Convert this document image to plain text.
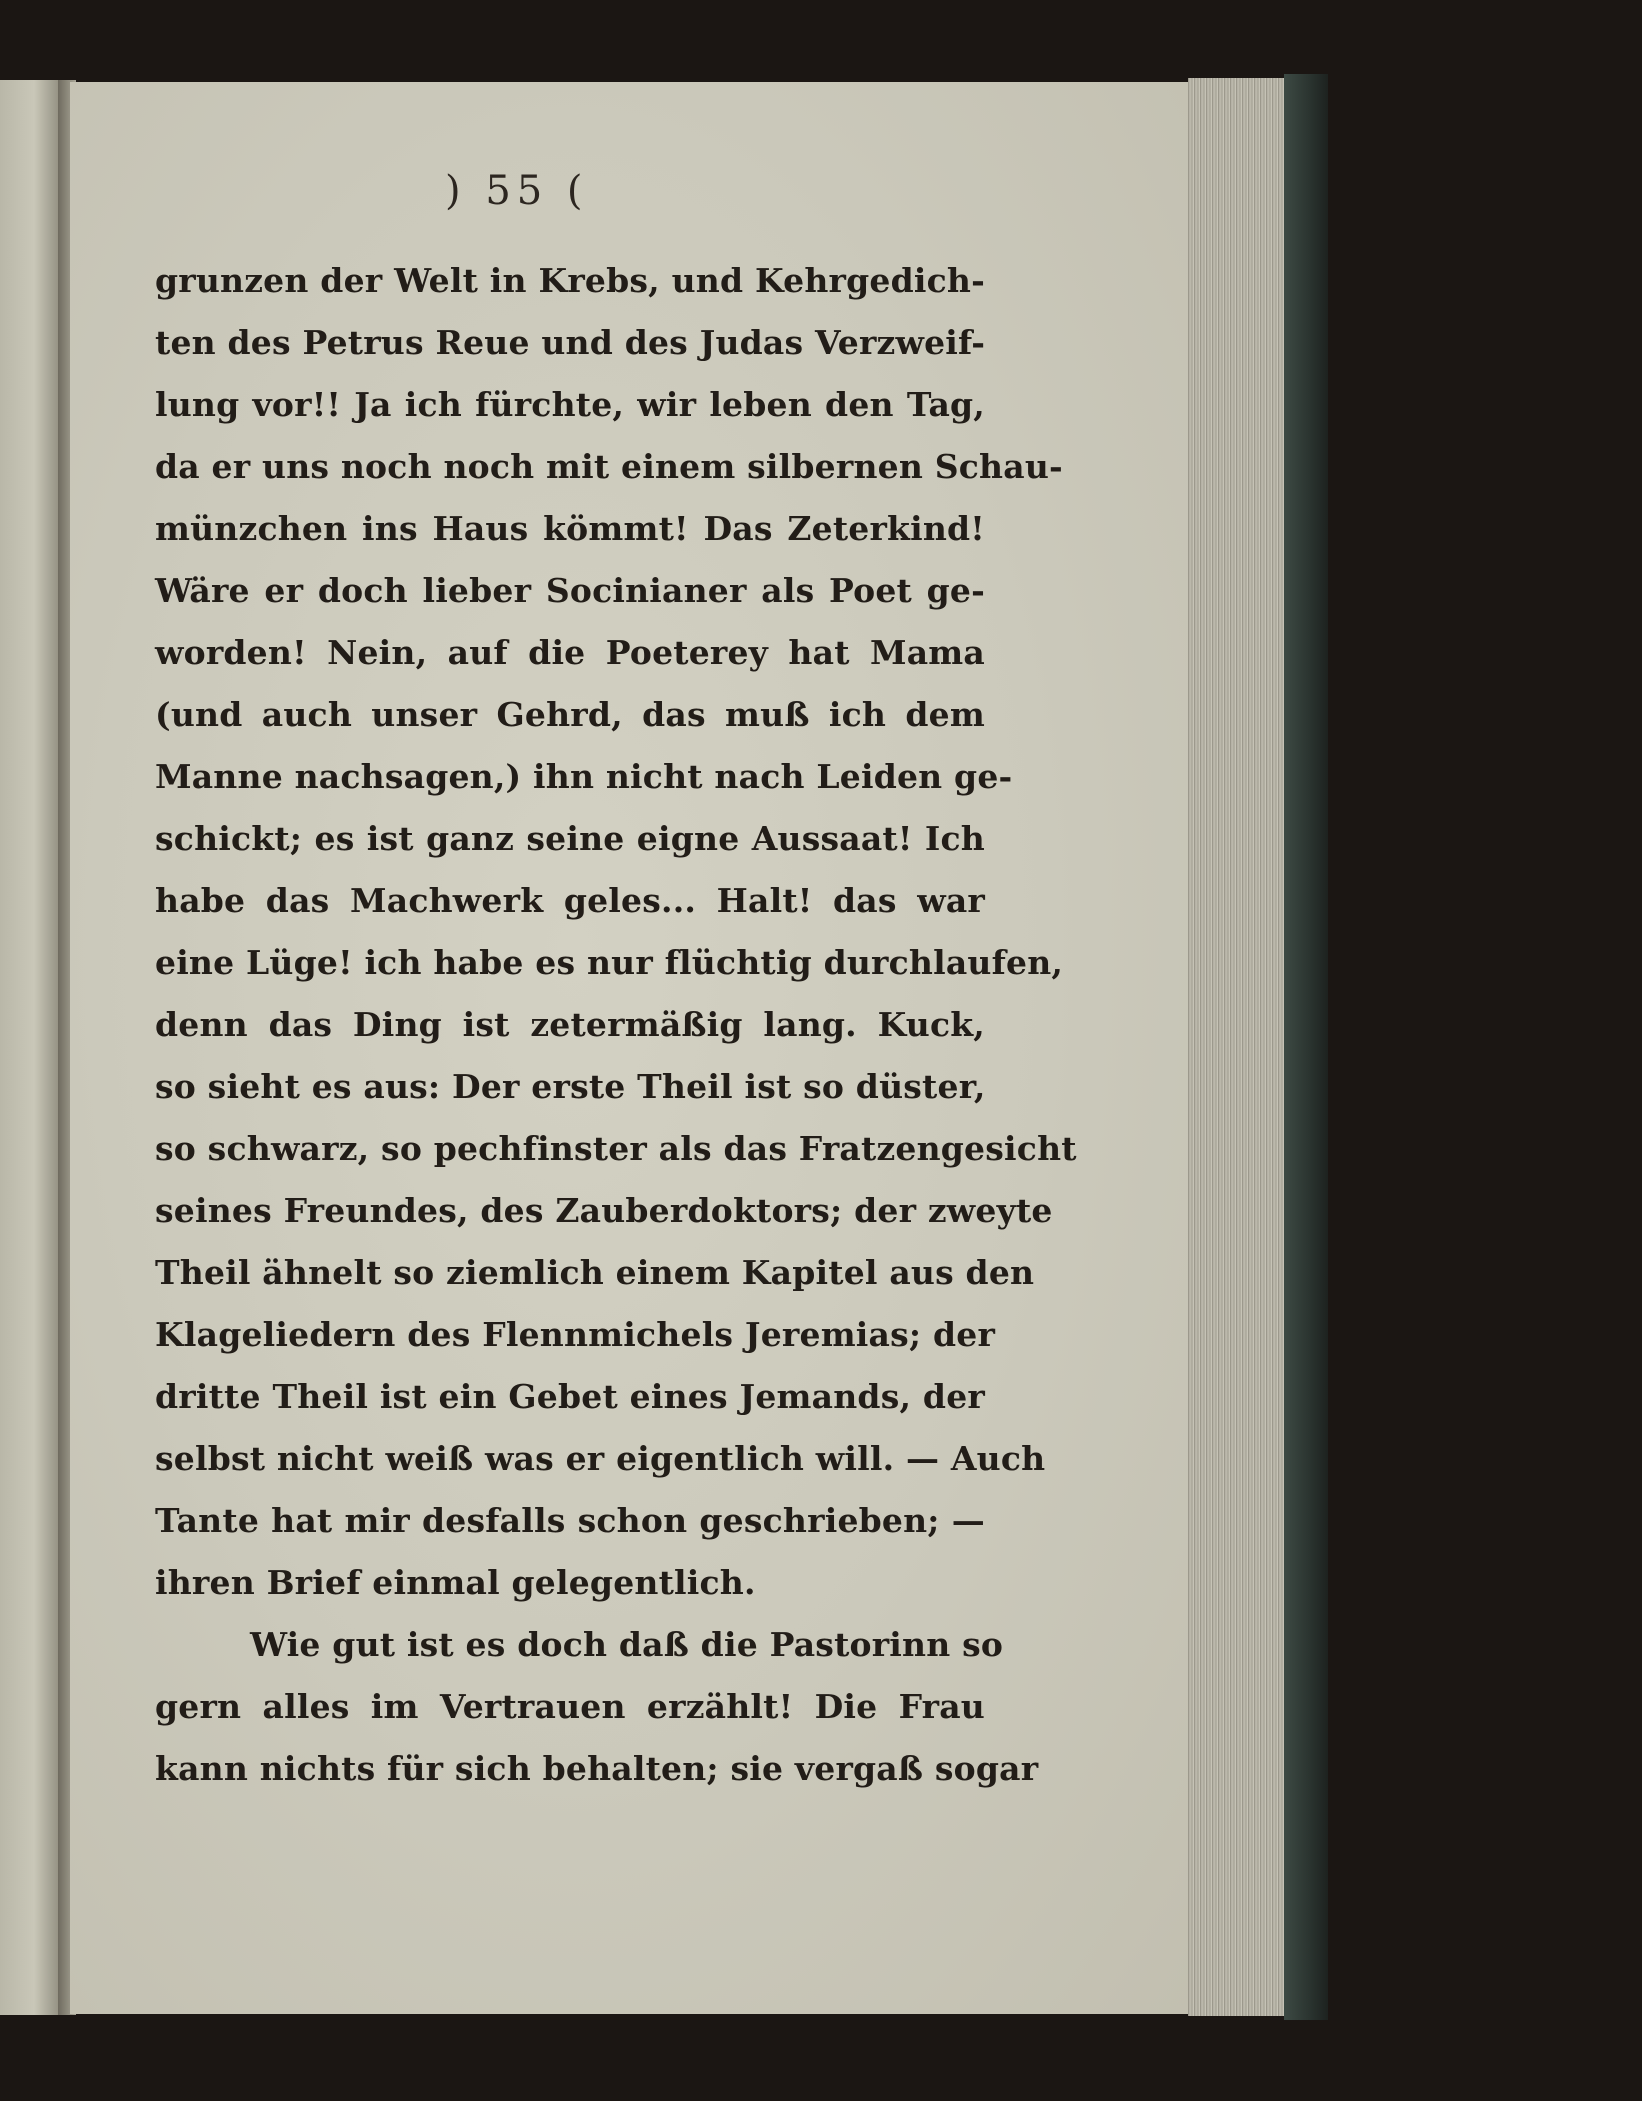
) 55 (
grunzen der Welt in Krebs, und Kehrgedich-
ten des Petrus Reue und des Judas Verzweif-
lung vor!! Ja ich fürchte, wir leben den Tag,
da er uns noch noch mit einem silbernen Schau-
münzchen ins Haus kömmt! Das Zeterkind!
Wäre er doch lieber Socinianer als Poet ge-
worden! Nein, auf die Poeterey hat Mama
(und auch unser Gehrd, das muß ich dem
Manne nachsagen,) ihn nicht nach Leiden ge-
schickt; es ist ganz seine eigne Aussaat! Ich
habe das Machwerk geles... Halt! das war
eine Lüge! ich habe es nur flüchtig durchlaufen,
denn das Ding ist zetermäßig lang. Kuck,
so sieht es aus: Der erste Theil ist so düster,
so schwarz, so pechfinster als das Fratzengesicht
seines Freundes, des Zauberdoktors; der zweyte
Theil ähnelt so ziemlich einem Kapitel aus den
Klageliedern des Flennmichels Jeremias; der
dritte Theil ist ein Gebet eines Jemands, der
selbst nicht weiß was er eigentlich will. — Auch
Tante hat mir desfalls schon geschrieben; —
ihren Brief einmal gelegentlich.
Wie gut ist es doch daß die Pastorinn so
gern alles im Vertrauen erzählt! Die Frau
kann nichts für sich behalten; sie vergaß sogar
